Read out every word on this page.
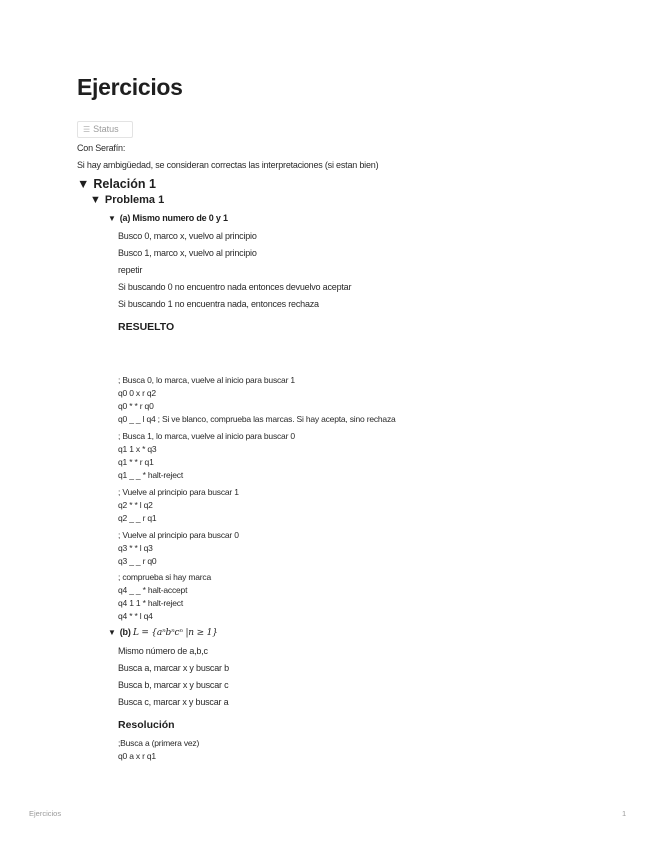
Ejercicios
☰ Status
Con Serafín:
Si hay ambigüedad, se consideran correctas las interpretaciones (si estan bien)
▼ Relación 1
▼ Problema 1
▼ (a) Mismo numero de 0 y 1
Busco 0, marco x, vuelvo al principio
Busco 1, marco x, vuelvo al principio
repetir
Si buscando 0 no encuentro nada entonces devuelvo aceptar
Si buscando 1 no encuentra nada, entonces rechaza
RESUELTO
; Busca 0, lo marca, vuelve al inicio para buscar 1
q0 0 x r q2
q0 * * r q0
q0 _ _ l q4 ; Si ve blanco, comprueba las marcas. Si hay acepta, sino rechaza
; Busca 1, lo marca, vuelve al inicio para buscar 0
q1 1 x * q3
q1 * * r q1
q1 _ _ * halt-reject
; Vuelve al principio para buscar 1
q2 * * l q2
q2 _ _ r q1
; Vuelve al principio para buscar 0
q3 * * l q3
q3 _ _ r q0
; comprueba si hay marca
q4 _ _ * halt-accept
q4 1 1 * halt-reject
q4 * * l q4
▼ (b) L = {aⁿbⁿcⁿ |n ≥ 1}
Mismo número de a,b,c
Busca a, marcar x y buscar b
Busca b, marcar x y buscar c
Busca c, marcar x y buscar a
Resolución
;Busca a (primera vez)
q0 a x r q1
Ejercicios	1
